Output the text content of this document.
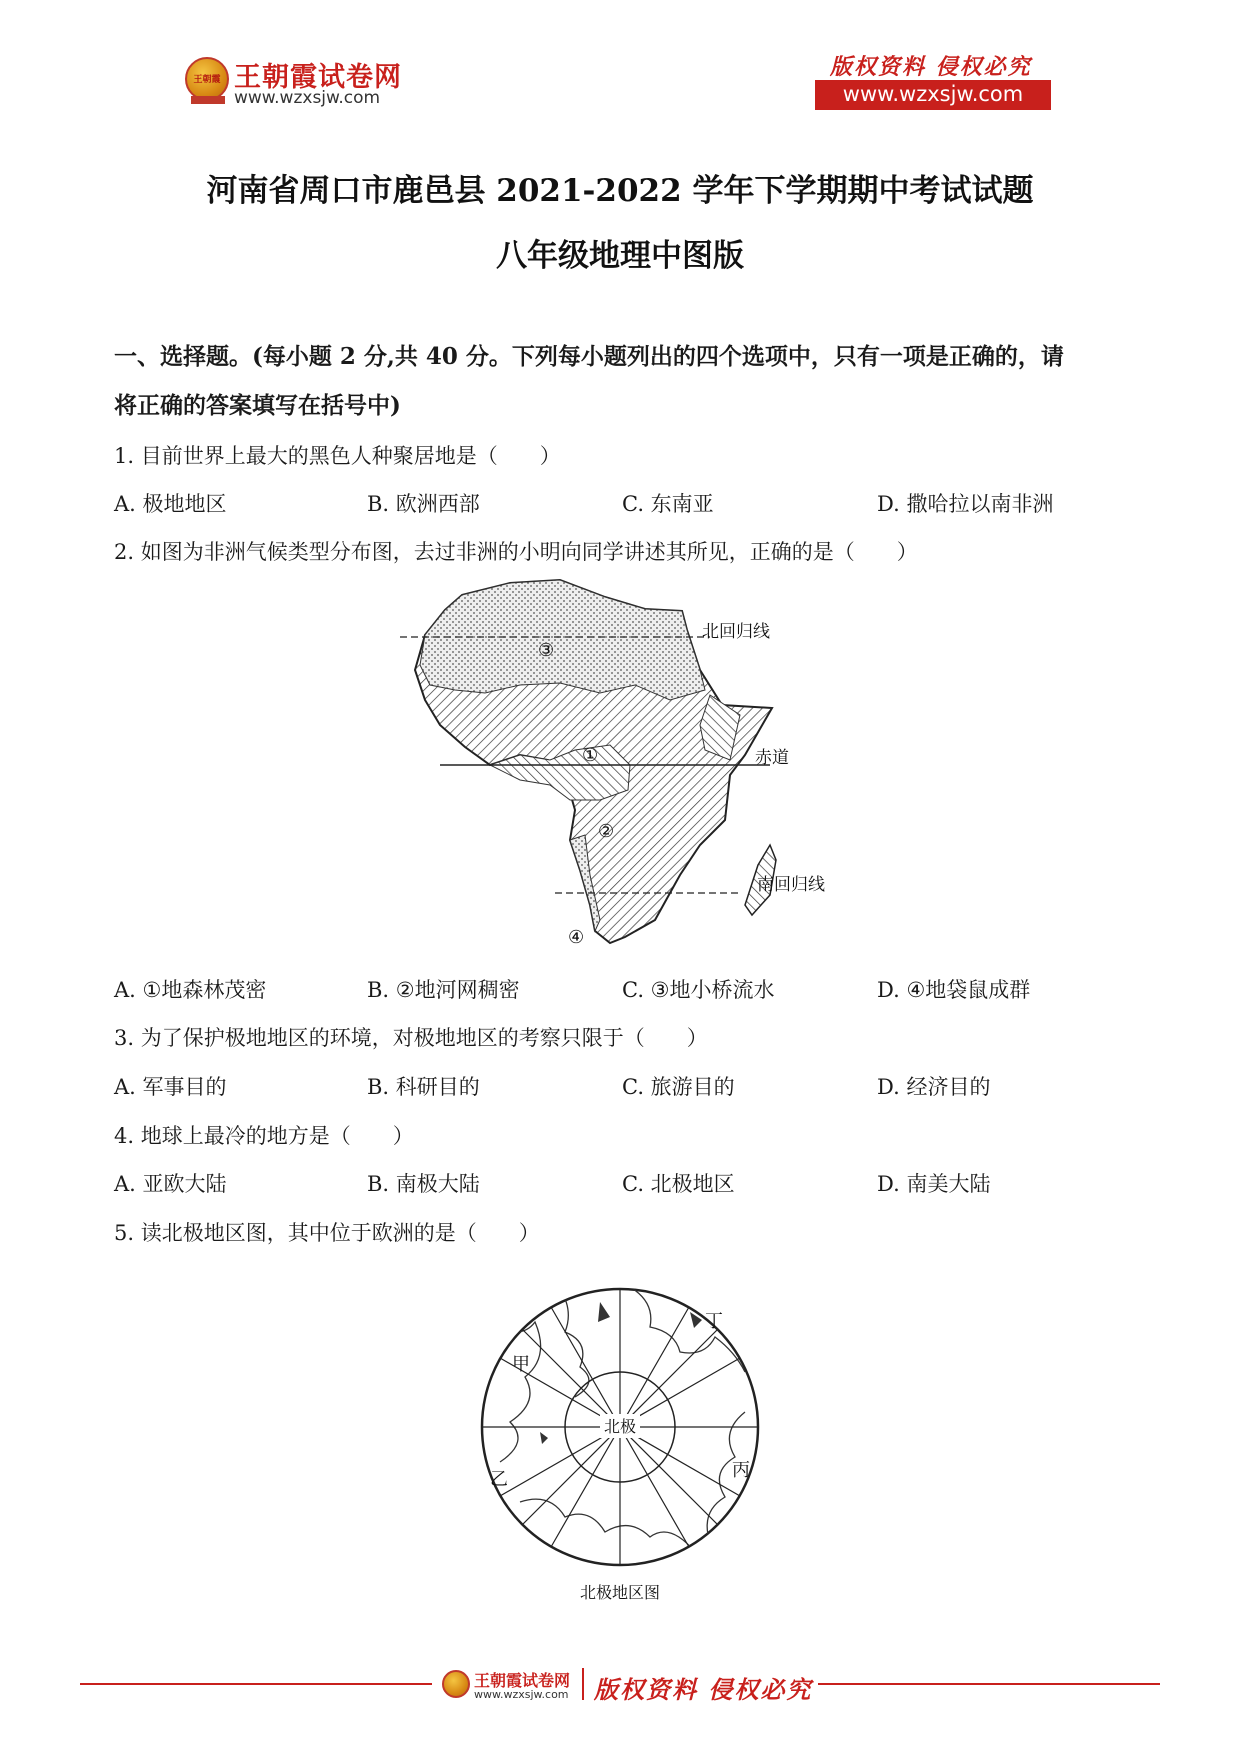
王朝霞 王朝霞试卷网
www.wzxsjw.com
版权资料 侵权必究
www.wzxsjw.com
河南省周口市鹿邑县 2021-2022 学年下学期期中考试试题
八年级地理中图版
一、选择题。(每小题 2 分,共 40 分。下列每小题列出的四个选项中，只有一项是正确的，请
将正确的答案填写在括号中)
1. 目前世界上最大的黑色人种聚居地是（　　）
A. 极地地区	B. 欧洲西部	C. 东南亚	D. 撒哈拉以南非洲
2. 如图为非洲气候类型分布图，去过非洲的小明向同学讲述其所见，正确的是（　　）
北回归线
赤道
南回归线
③
①
②
④
A. ①地森林茂密	B. ②地河网稠密	C. ③地小桥流水	D. ④地袋鼠成群
3. 为了保护极地地区的环境，对极地地区的考察只限于（　　）
A. 军事目的	B. 科研目的	C. 旅游目的	D. 经济目的
4. 地球上最冷的地方是（　　）
A. 亚欧大陆	B. 南极大陆	C. 北极地区	D. 南美大陆
5. 读北极地区图，其中位于欧洲的是（　　）
北极
甲
丁
乙	丙
北极地区图
王朝霞试卷网
www.wzxsjw.com 版权资料 侵权必究
